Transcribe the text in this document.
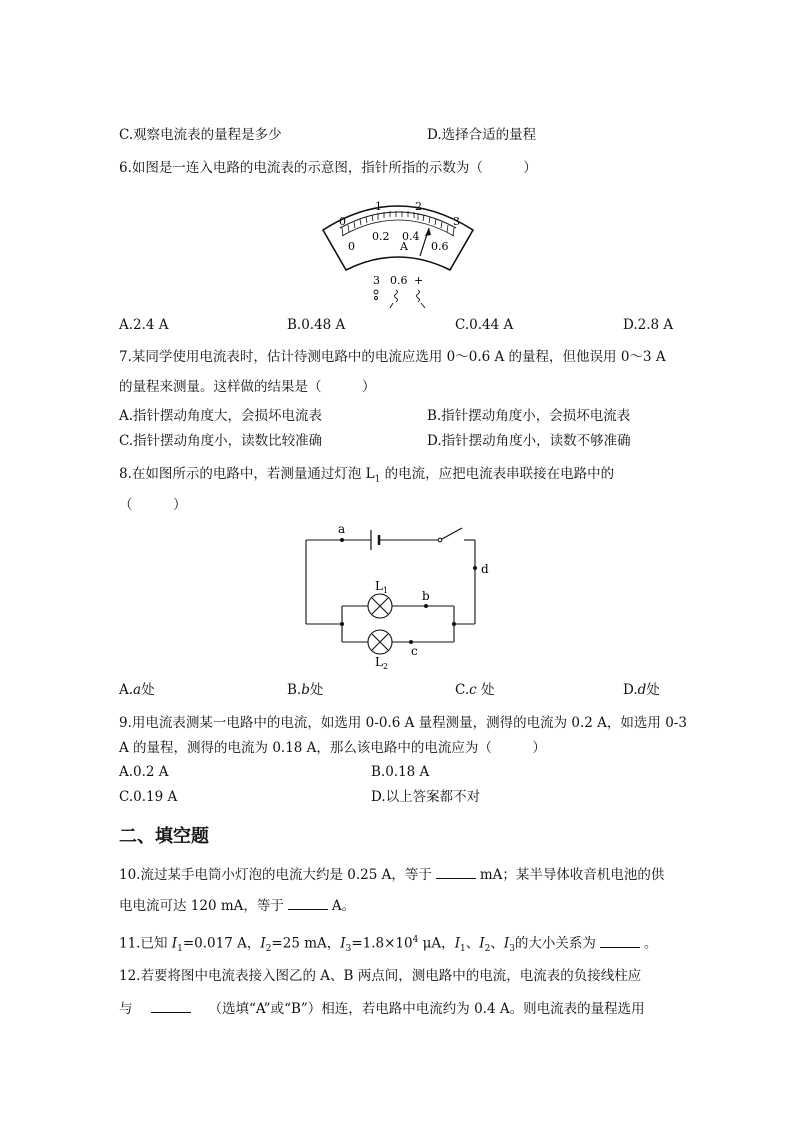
C.观察电流表的量程是多少	D.选择合适的量程
6.如图是一连入电路的电流表的示意图，指针所指的示数为（　　　）
0
1	2
3
0
0.2 0.4
0.6
A
3 0.6 +
A.2.4 A	B.0.48 A	C.0.44 A	D.2.8 A
7.某同学使用电流表时，估计待测电路中的电流应选用 0～0.6 A 的量程，但他误用 0～3 A
的量程来测量。这样做的结果是（　　　）
A.指针摆动角度大，会损坏电流表	B.指针摆动角度小，会损坏电流表
C.指针摆动角度小，读数比较准确	D.指针摆动角度小，读数不够准确
8.在如图所示的电路中，若测量通过灯泡 $L_1$ 的电流，应把电流表串联接在电路中的
（　　　）
a
d
b
c
$L_1$
$L_2$
A.a处	B.b处	C.c 处	D.d处
9.用电流表测某一电路中的电流，如选用 0-0.6 A 量程测量，测得的电流为 0.2 A，如选用 0-3
A 的量程，测得的电流为 0.18 A，那么该电路中的电流应为（　　　）
A.0.2 A	B.0.18 A
C.0.19 A	D.以上答案都不对
二、填空题
10.流过某手电筒小灯泡的电流大约是 0.25 A，等于	mA；某半导体收音机电池的供
电电流可达 120 mA，等于	A。
11.已知 $I_1=0.017$ A，$I_2=25$ mA，$I_3=1.8\times 10^4$ μA，$I_1$、$I_2$、$I_3$的大小关系为	。
12.若要将图中电流表接入图乙的 A、B 两点间，测电路中的电流，电流表的负接线柱应
与	（选填“A”或“B”）相连，若电路中电流约为 0.4 A。则电流表的量程选用
